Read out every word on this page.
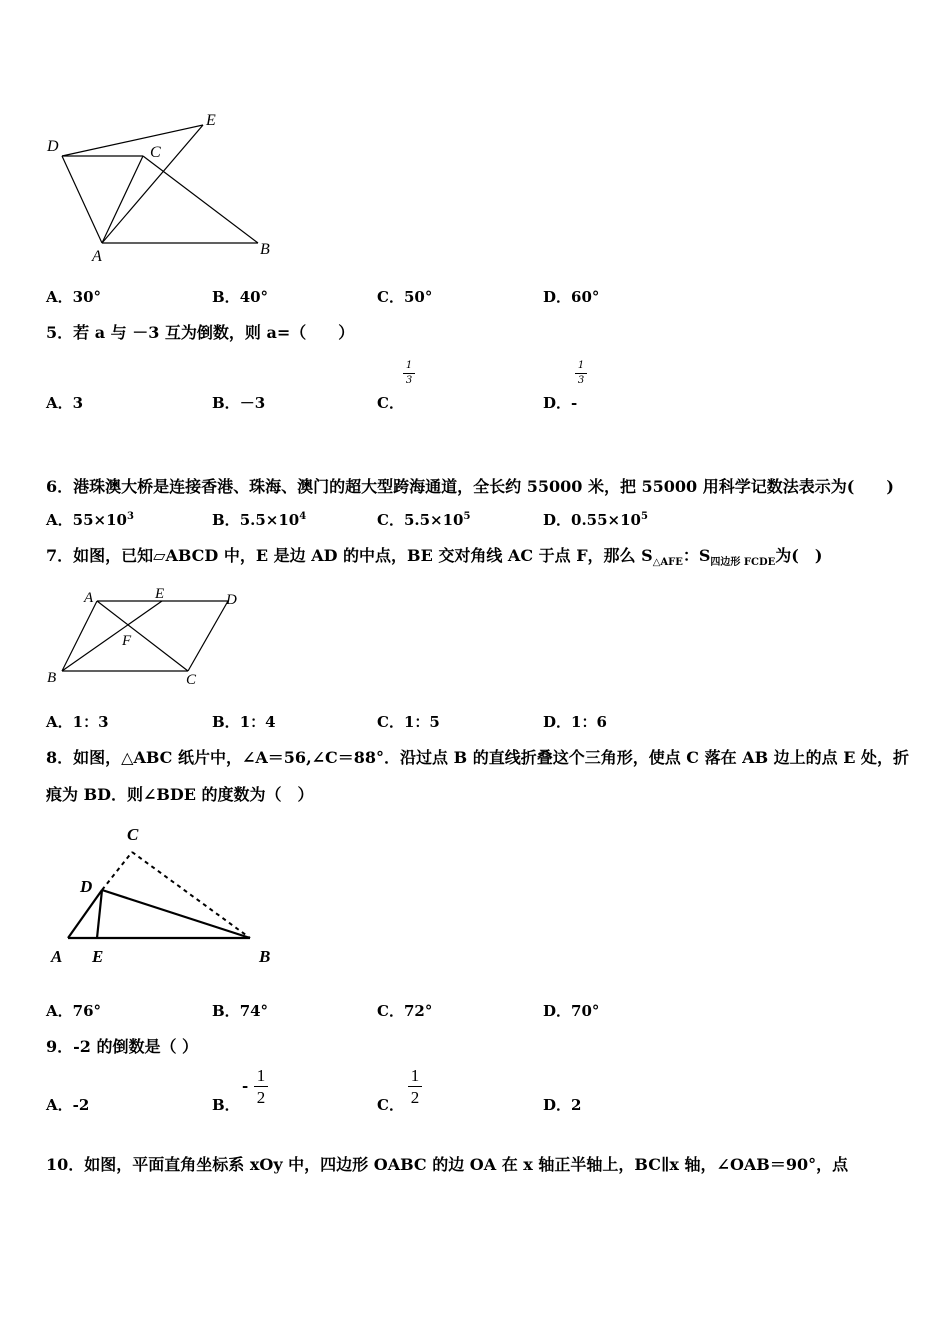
D	C
E
A	B
A．30°	B．40°	C．50°	D．60°
5．若 a 与 －3 互为倒数，则 a=（　　）
A．3	B．－3	C．
1
3
D．-
1
3
6．港珠澳大桥是连接香港、珠海、澳门的超大型跨海通道，全长约 55000 米，把 55000 用科学记数法表示为(　　)
A．$55\times 10^3$	B．$5.5\times 10^4$	C．$5.5\times 10^5$	D．$0.55\times 10^5$
7．如图，已知▱ABCD 中，E 是边 AD 的中点，BE 交对角线 AC 于点 F，那么 $S_{\triangle AFE}$：$S_{四边形 FCDE}$为(　)
A	E	D
F
B	C
A．1：3	B．1：4	C．1：5	D．1：6
8．如图，△ABC 纸片中，∠A＝56,∠C＝88°．沿过点 B 的直线折叠这个三角形，使点 C 落在 AB 边上的点 E 处，折
痕为 BD．则∠BDE 的度数为（　）
C
D
A E	B
A．76°	B．74°	C．72°	D．70°
9．-2 的倒数是（ ）
A．-2	B．
-
1
2	C．
1
2	D．2
10．如图，平面直角坐标系 xOy 中，四边形 OABC 的边 OA 在 x 轴正半轴上，BC∥x 轴，∠OAB＝90°，点
